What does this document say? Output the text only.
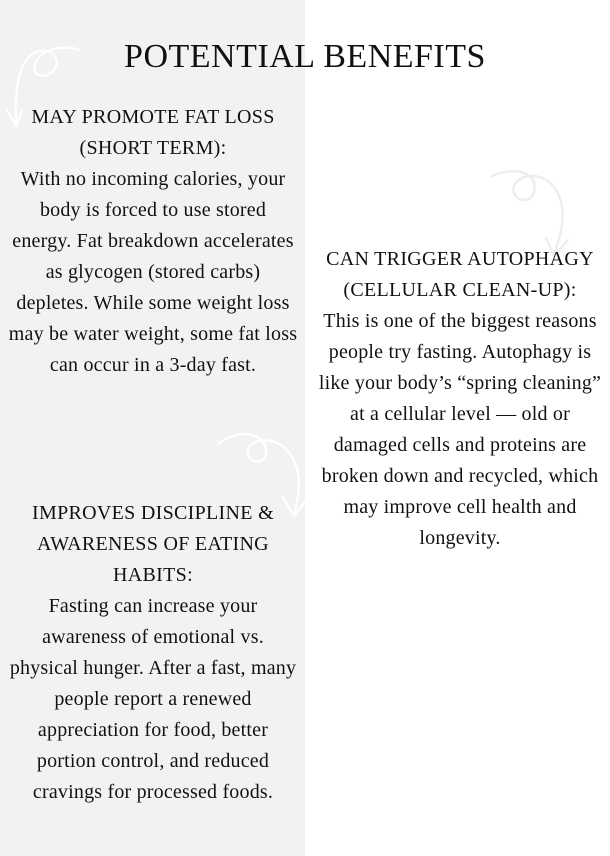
POTENTIAL BENEFITS
MAY PROMOTE FAT LOSS (SHORT TERM):
With no incoming calories, your body is forced to use stored energy. Fat breakdown accelerates as glycogen (stored carbs) depletes. While some weight loss may be water weight, some fat loss can occur in a 3-day fast.
CAN TRIGGER AUTOPHAGY (CELLULAR CLEAN-UP):
This is one of the biggest reasons people try fasting. Autophagy is like your body’s “spring cleaning” at a cellular level — old or damaged cells and proteins are broken down and recycled, which may improve cell health and longevity.
IMPROVES DISCIPLINE & AWARENESS OF EATING HABITS:
Fasting can increase your awareness of emotional vs. physical hunger. After a fast, many people report a renewed appreciation for food, better portion control, and reduced cravings for processed foods.
